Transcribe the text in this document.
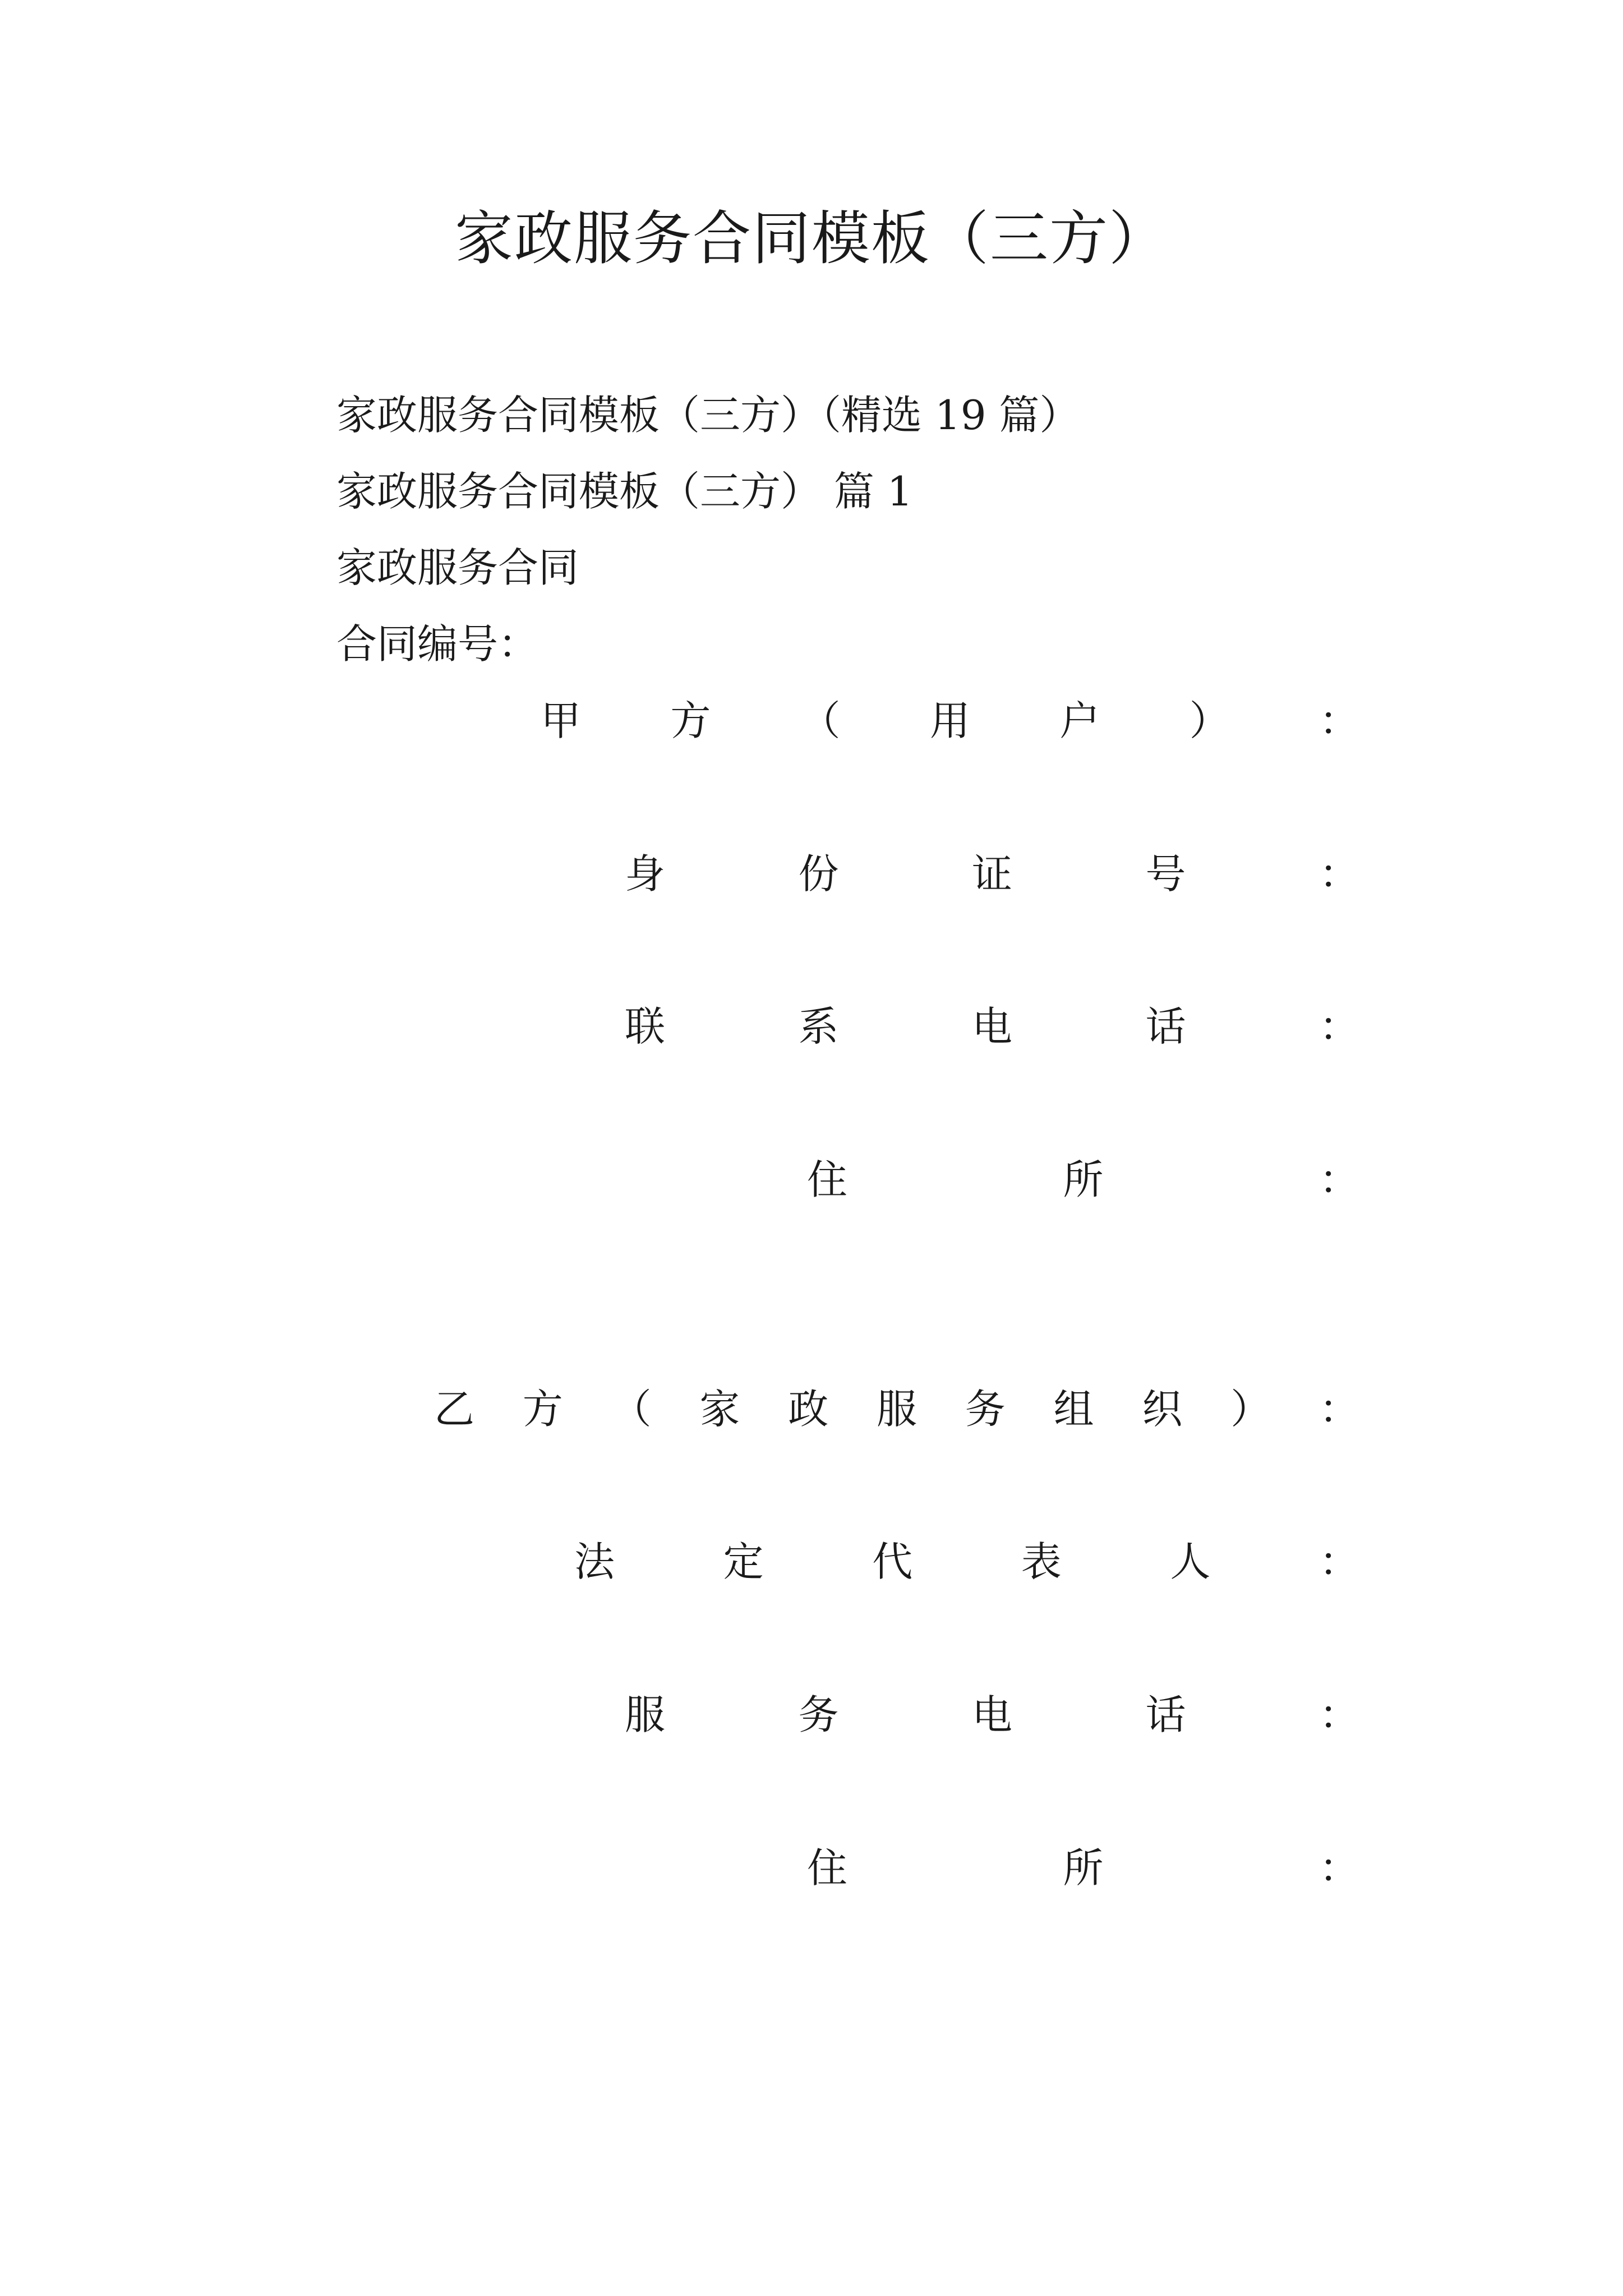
家政服务合同模板（三方）
家政服务合同模板（三方）（精选 19 篇）
家政服务合同模板（三方） 篇 1
家政服务合同
合同编号：
甲 方 （ 用 户 ） ：
身	份	证	号	：
联	系	电	话	：
住	所	：
乙 方 （ 家 政 服 务 组 织 ） ：
法	定	代	表	人	：
服	务	电	话	：
住	所	：
